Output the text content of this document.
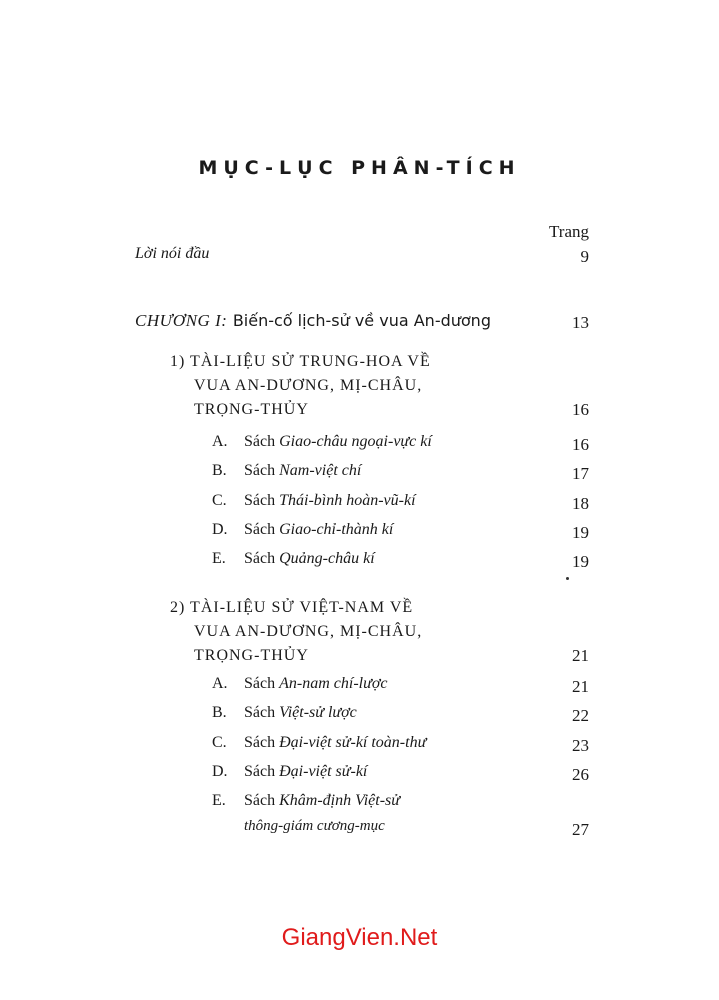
MỤC-LỤC PHÂN-TÍCH
Trang
Lời nói đầu	9
CHƯƠNG I: Biến-cố lịch-sử về vua An-dương	13
1) TÀI-LIỆU SỬ TRUNG-HOA VỀ
VUA AN-DƯƠNG, MỊ-CHÂU,
TRỌNG-THỦY	16
A. Sách Giao-châu ngoại-vực kí	16
B. Sách Nam-việt chí	17
C. Sách Thái-bình hoàn-vũ-kí	18
D. Sách Giao-chỉ-thành kí	19
E. Sách Quảng-châu kí	19
2) TÀI-LIỆU SỬ VIỆT-NAM VỀ
VUA AN-DƯƠNG, MỊ-CHÂU,
TRỌNG-THỦY	21
A. Sách An-nam chí-lược	21
B. Sách Việt-sử lược	22
C. Sách Đại-việt sử-kí toàn-thư	23
D. Sách Đại-việt sử-kí	26
E. Sách Khâm-định Việt-sử
thông-giám cương-mục	27
GiangVien.Net
